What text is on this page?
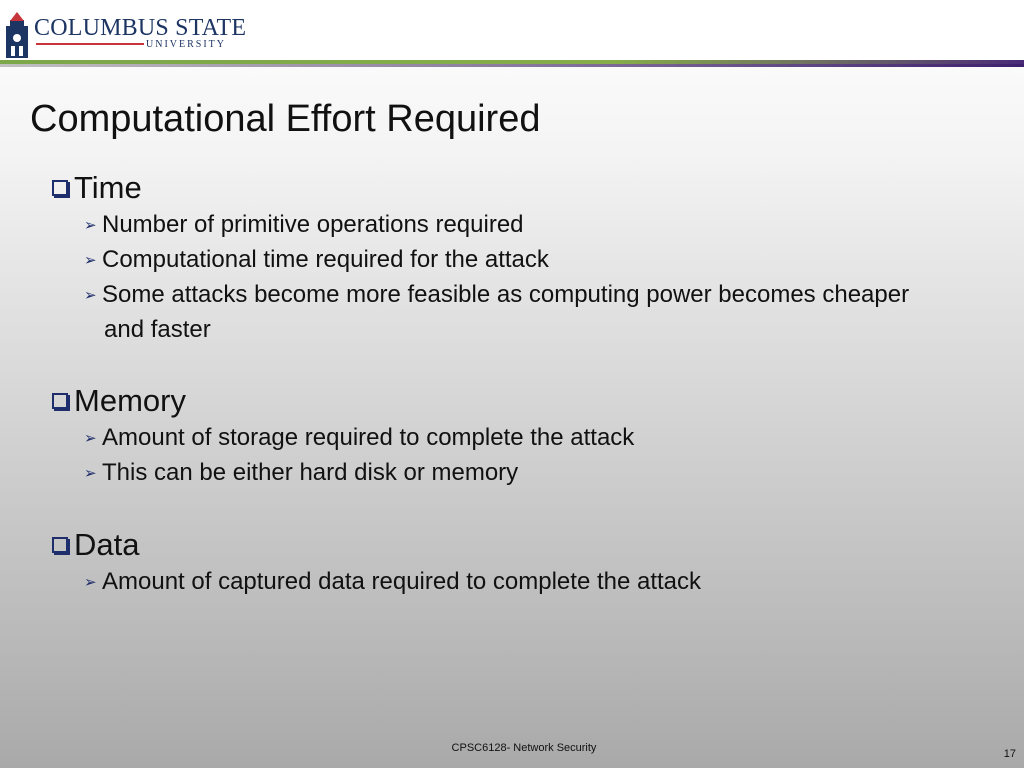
COLUMBUS STATE
UNIVERSITY
Computational Effort Required
Time
➢ Number of primitive operations required
➢ Computational time required for the attack
➢ Some attacks become more feasible as computing power becomes cheaper and faster
Memory
➢ Amount of storage required to complete the attack
➢ This can be either hard disk or memory
Data
➢ Amount of captured data required to complete the attack
CPSC6128- Network Security	17
